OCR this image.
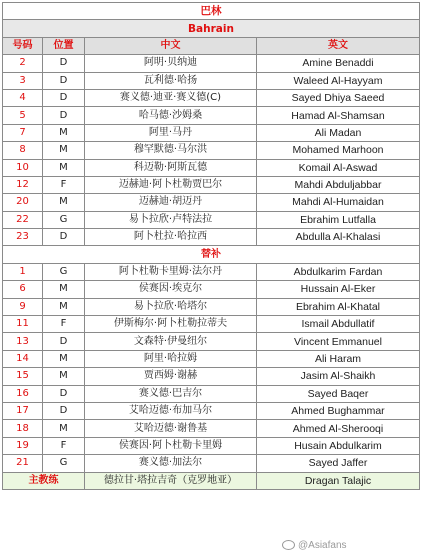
巴林			
Bahrain			
号码	位置	中文	英文
2	D	阿明·贝纳迪	Amine Benaddi
3	D	瓦利德·哈扬	Waleed Al-Hayyam
4	D	赛义德·迪亚·赛义德(C)	Sayed Dhiya Saeed
5	D	哈马德·沙姆桑	Hamad Al-Shamsan
7	M	阿里·马丹	Ali Madan
8	M	穆罕默德·马尔洪	Mohamed Marhoon
10	M	科迈勒·阿斯瓦德	Komail Al-Aswad
12	F	迈赫迪·阿卜杜勒贾巴尔	Mahdi Abduljabbar
20	M	迈赫迪·胡迈丹	Mahdi Al-Humaidan
22	G	易卜拉欣·卢特法拉	Ebrahim Lutfalla
23	D	阿卜杜拉·哈拉西	Abdulla Al-Khalasi
替补			
1	G	阿卜杜勒卡里姆·法尔丹	Abdulkarim Fardan
6	M	侯赛因·埃克尔	Hussain Al-Eker
9	M	易卜拉欣·哈塔尔	Ebrahim Al-Khatal
11	F	伊斯梅尔·阿卜杜勒拉蒂夫	Ismail Abdullatif
13	D	文森特·伊曼纽尔	Vincent Emmanuel
14	M	阿里·哈拉姆	Ali Haram
15	M	贾西姆·谢赫	Jasim Al-Shaikh
16	D	赛义德·巴吉尔	Sayed Baqer
17	D	艾哈迈德·布加马尔	Ahmed Bughammar
18	M	艾哈迈德·谢鲁基	Ahmed Al-Sherooqi
19	F	侯赛因·阿卜杜勒卡里姆	Husain Abdulkarim
21	G	赛义德·加法尔	Sayed Jaffer
主教练		德拉甘·塔拉吉奇（克罗地亚）	Dragan Talajic
@Asiafans
